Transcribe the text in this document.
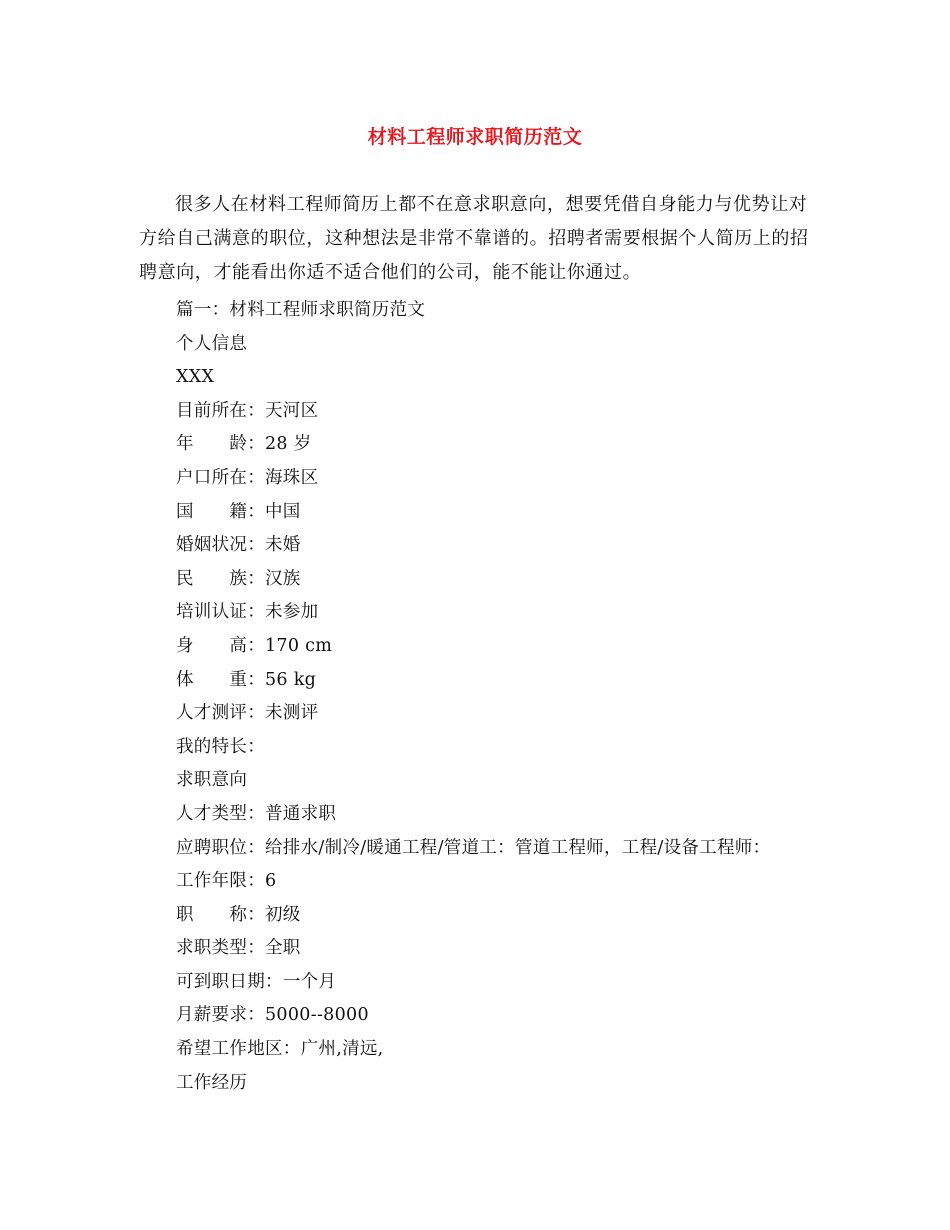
材料工程师求职简历范文

很多人在材料工程师简历上都不在意求职意向，想要凭借自身能力与优势让对方给自己满意的职位，这种想法是非常不靠谱的。招聘者需要根据个人简历上的招聘意向，才能看出你适不适合他们的公司，能不能让你通过。

篇一：材料工程师求职简历范文
个人信息
XXX
目前所在：天河区
年　　龄：28 岁
户口所在：海珠区
国　　籍：中国
婚姻状况：未婚
民　　族：汉族
培训认证：未参加
身　　高：170 cm
体　　重：56 kg
人才测评：未测评
我的特长：
求职意向
人才类型：普通求职
应聘职位：给排水/制冷/暖通工程/管道工：管道工程师，工程/设备工程师：
工作年限：6
职　　称：初级
求职类型：全职
可到职日期：一个月
月薪要求：5000--8000
希望工作地区：广州,清远,
工作经历
